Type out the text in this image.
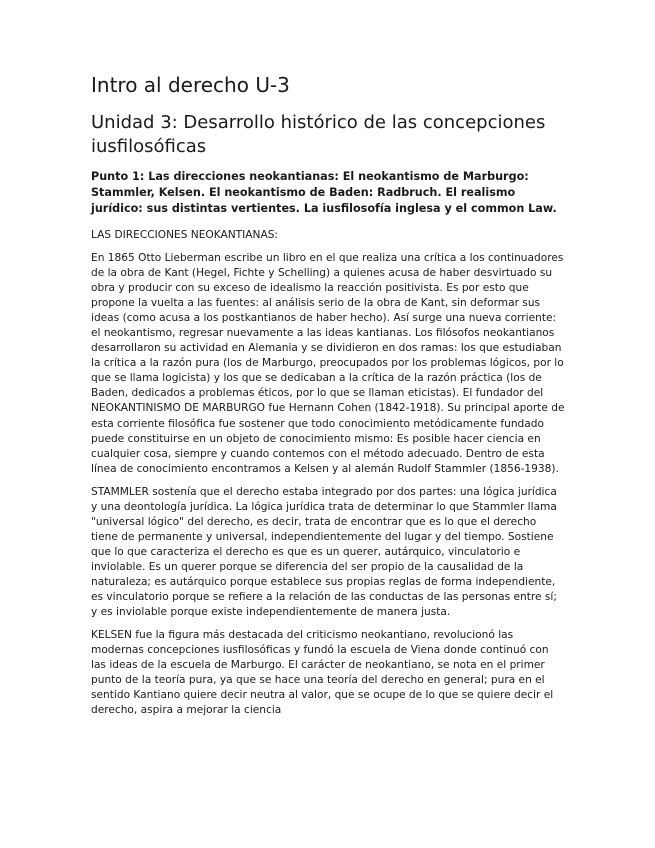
Intro al derecho U-3
Unidad 3: Desarrollo histórico de las concepciones iusfilosóficas

Punto 1: Las direcciones neokantianas: El neokantismo de Marburgo: Stammler, Kelsen. El neokantismo de Baden: Radbruch. El realismo jurídico: sus distintas vertientes. La iusfilosofía inglesa y el common Law.

LAS DIRECCIONES NEOKANTIANAS:

En 1865 Otto Lieberman escribe un libro en el que realiza una crítica a los continuadores de la obra de Kant (Hegel, Fichte y Schelling) a quienes acusa de haber desvirtuado su obra y producir con su exceso de idealismo la reacción positivista. Es por esto que propone la vuelta a las fuentes: al análisis serio de la obra de Kant, sin deformar sus ideas (como acusa a los postkantianos de haber hecho). Así surge una nueva corriente: el neokantismo, regresar nuevamente a las ideas kantianas. Los filósofos neokantianos desarrollaron su actividad en Alemania y se dividieron en dos ramas: los que estudiaban la crítica a la razón pura (los de Marburgo, preocupados por los problemas lógicos, por lo que se llama logicista) y los que se dedicaban a la crítica de la razón práctica (los de Baden, dedicados a problemas éticos, por lo que se llaman eticistas). El fundador del NEOKANTINISMO DE MARBURGO fue Hernann Cohen (1842-1918). Su principal aporte de esta corriente filosófica fue sostener que todo conocimiento metódicamente fundado puede constituirse en un objeto de conocimiento mismo: Es posible hacer ciencia en cualquier cosa, siempre y cuando contemos con el método adecuado. Dentro de esta línea de conocimiento encontramos a Kelsen y al alemán Rudolf Stammler (1856-1938).

STAMMLER sostenía que el derecho estaba integrado por dos partes: una lógica jurídica y una deontología jurídica. La lógica jurídica trata de determinar lo que Stammler llama "universal lógico" del derecho, es decir, trata de encontrar que es lo que el derecho tiene de permanente y universal, independientemente del lugar y del tiempo. Sostiene que lo que caracteriza el derecho es que es un querer, autárquico, vinculatorio e inviolable. Es un querer porque se diferencia del ser propio de la causalidad de la naturaleza; es autárquico porque establece sus propias reglas de forma independiente, es vinculatorio porque se refiere a la relación de las conductas de las personas entre sí; y es inviolable porque existe independientemente de manera justa.

KELSEN fue la figura más destacada del criticismo neokantiano, revolucionó las modernas concepciones iusfilosóficas y fundó la escuela de Viena donde continuó con las ideas de la escuela de Marburgo. El carácter de neokantiano, se nota en el primer punto de la teoría pura, ya que se hace una teoría del derecho en general; pura en el sentido Kantiano quiere decir neutra al valor, que se ocupe de lo que se quiere decir el derecho, aspira a mejorar la ciencia
